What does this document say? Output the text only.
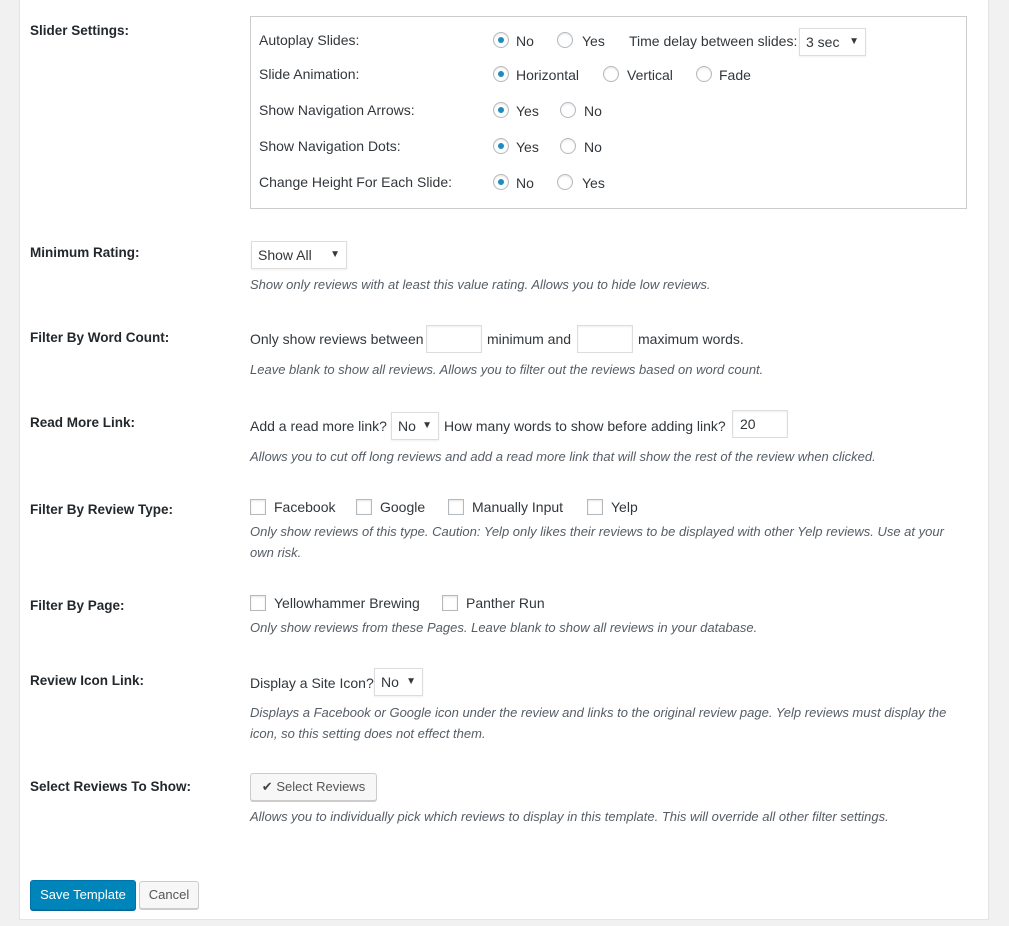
Slider Settings:
Autoplay Slides:	No	Yes Time delay between slides: 3 sec ▼
Slide Animation:	Horizontal	Vertical	Fade
Show Navigation Arrows:	Yes	No
Show Navigation Dots:	Yes	No
Change Height For Each Slide:	No	Yes
Minimum Rating:	Show All ▼
Show only reviews with at least this value rating. Allows you to hide low reviews.
Filter By Word Count:	Only show reviews between	minimum and	maximum words.
Leave blank to show all reviews. Allows you to filter out the reviews based on word count.
Read More Link:	Add a read more link? No ▼ How many words to show before adding link?	20
Allows you to cut off long reviews and add a read more link that will show the rest of the review when clicked.
Filter By Review Type:	Facebook	Google	Manually Input	Yelp
Only show reviews of this type. Caution: Yelp only likes their reviews to be displayed with other Yelp reviews. Use at your own risk.
Filter By Page:	Yellowhammer Brewing	Panther Run
Only show reviews from these Pages. Leave blank to show all reviews in your database.
Review Icon Link:	Display a Site Icon? No ▼
Displays a Facebook or Google icon under the review and links to the original review page. Yelp reviews must display the icon, so this setting does not effect them.
Select Reviews To Show:	✔ Select Reviews
Allows you to individually pick which reviews to display in this template. This will override all other filter settings.
Save Template	Cancel
